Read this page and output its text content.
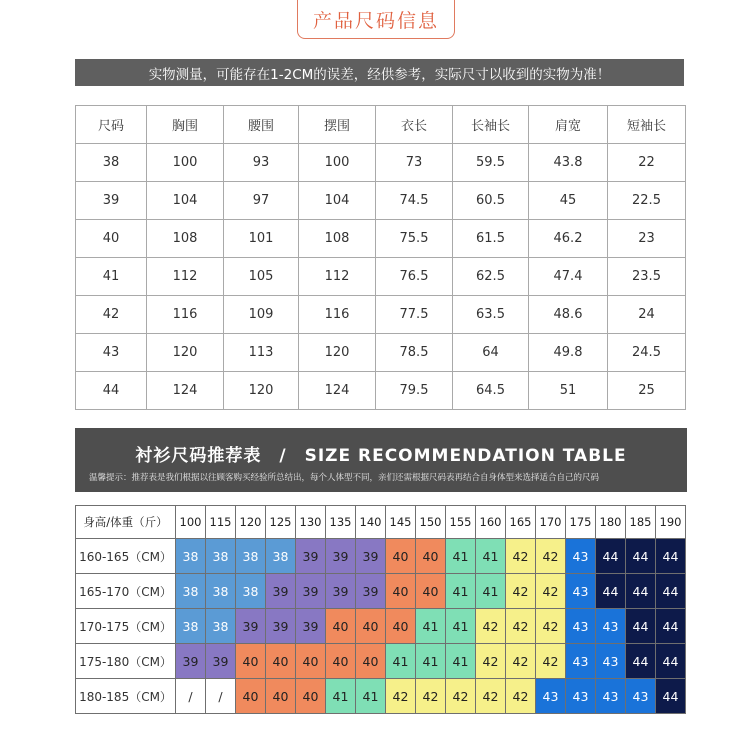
产品尺码信息
实物测量，可能存在1-2CM的误差，经供参考，实际尺寸以收到的实物为准！
尺码	胸围	腰围	摆围	衣长	长袖长	肩宽	短袖长
38	100	93	100	73	59.5	43.8	22
39	104	97	104	74.5	60.5	45	22.5
40	108	101	108	75.5	61.5	46.2	23
41	112	105	112	76.5	62.5	47.4	23.5
42	116	109	116	77.5	63.5	48.6	24
43	120	113	120	78.5	64	49.8	24.5
44	124	120	124	79.5	64.5	51	25
衬衫尺码推荐表 / SIZE RECOMMENDATION TABLE
温馨提示：推荐表是我们根据以往顾客购买经验所总结出，每个人体型不同，亲们还需根据尺码表再结合自身体型来选择适合自己的尺码
身高/体重（斤）	100	115	120	125	130	135	140	145	150	155	160	165	170	175	180	185	190
160-165（CM）	38	38	38	38	39	39	39	40	40	41	41	42	42	43	44	44	44
165-170（CM）	38	38	38	39	39	39	39	40	40	41	41	42	42	43	44	44	44
170-175（CM）	38	38	39	39	39	40	40	40	41	41	42	42	42	43	43	44	44
175-180（CM）	39	39	40	40	40	40	40	41	41	41	42	42	42	43	43	44	44
180-185（CM）	/	/	40	40	40	41	41	42	42	42	42	42	43	43	43	43	44
